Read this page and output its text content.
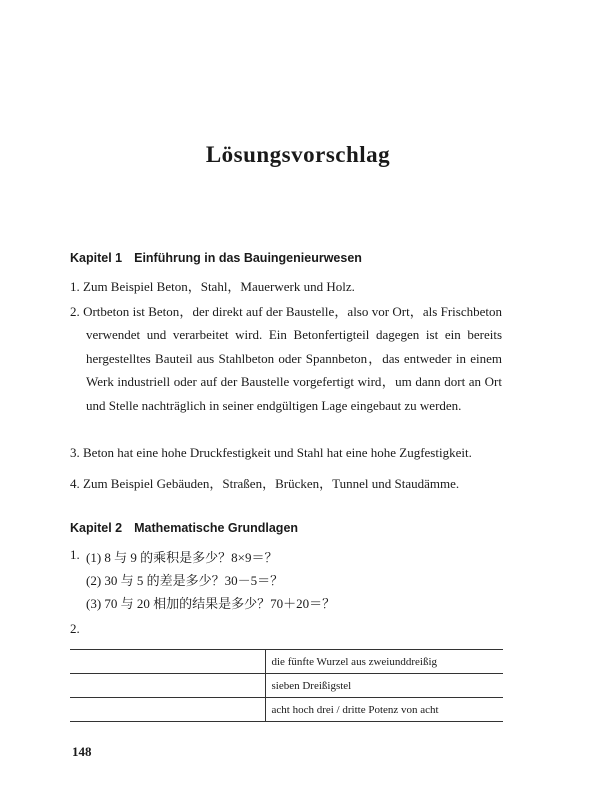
Lösungsvorschlag
Kapitel 1 Einführung in das Bauingenieurwesen
1. Zum Beispiel Beton，Stahl，Mauerwerk und Holz.
2. Ortbeton ist Beton，der direkt auf der Baustelle，also vor Ort，als Frischbeton verwendet und verarbeitet wird. Ein Betonfertigteil dagegen ist ein bereits hergestelltes Bauteil aus Stahlbeton oder Spannbeton，das entweder in einem Werk industriell oder auf der Baustelle vorgefertigt wird，um dann dort an Ort und Stelle nachträglich in seiner endgültigen Lage eingebaut zu werden.
3. Beton hat eine hohe Druckfestigkeit und Stahl hat eine hohe Zugfestigkeit.
4. Zum Beispiel Gebäuden，Straßen，Brücken，Tunnel und Staudämme.
Kapitel 2 Mathematische Grundlagen
1. (1) 8 与 9 的乘积是多少？8×9＝？
(2) 30 与 5 的差是多少？30－5＝？
(3) 70 与 20 相加的结果是多少？70＋20＝？
2.
	die fünfte Wurzel aus zweiunddreißig
	sieben Dreißigstel
	acht hoch drei / dritte Potenz von acht
148
